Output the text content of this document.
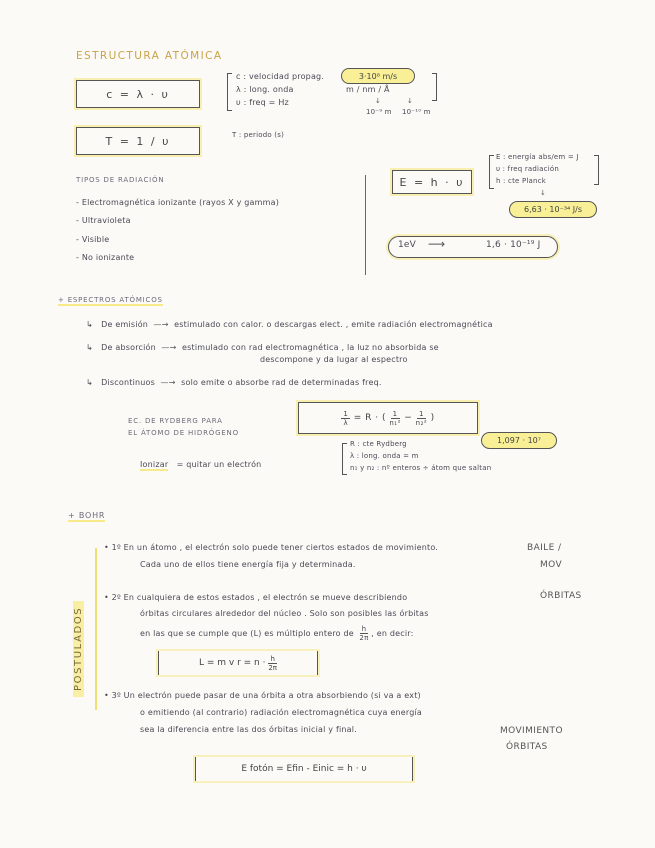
ESTRUCTURA ATÓMICA
c = λ · υ
T = 1 / υ
c : velocidad propag.
λ : long. onda
υ : freq = Hz
3·10⁸ m/s
m / nm / Å
↓	↓
10⁻⁹ m 10⁻¹⁰ m
T : periodo (s)
TIPOS DE RADIACIÓN
- Electromagnética ionizante (rayos X y gamma)
- Ultravioleta
- Visible
- No ionizante
E = h · υ
E : energía abs/em = J
υ : freq radiación
h : cte Planck
↓
6,63 · 10⁻³⁴ J/s
1eV ⟶	1,6 · 10⁻¹⁹ J
+ ESPECTROS ATÓMICOS
↳   De emisión  —→  estimulado con calor. o descargas elect. , emite radiación electromagnética
↳   De absorción  —→  estimulado con rad electromagnética , la luz no absorbida se
descompone y da lugar al espectro
↳   Discontinuos  —→  solo emite o absorbe rad de determinadas freq.
EC. DE RYDBERG PARA
EL ÁTOMO DE HIDRÓGENO
$\frac{1}{\lambda} = R$ · ( $\frac{1}{\text{n₁²}} - \frac{1}{\text{n₂²}}$ )
R : cte Rydberg
λ : long. onda = m
n₁ y n₂ : nº enteros ÷ átom que saltan
1,097 · 10⁷
Ionizar = quitar un electrón
+ BOHR
POSTULADOS
• 1º En un átomo , el electrón solo puede tener ciertos estados de movimiento.
Cada uno de ellos tiene energía fija y determinada.
BAILE /
MOV
• 2º En cualquiera de estos estados , el electrón se mueve describiendo
órbitas circulares alrededor del núcleo . Solo son posibles las órbitas
en las que se cumple que (L) es múltiplo entero de $\frac{h}{2\pi}$ , en decir:
ÓRBITAS
L = m v r = n ·
$\frac{h}{2\pi}$
• 3º Un electrón puede pasar de una órbita a otra absorbiendo (si va a ext)
o emitiendo (al contrario) radiación electromagnética cuya energía
sea la diferencia entre las dos órbitas inicial y final.	MOVIMIENTO
ÓRBITAS
E fotón = Efin - Einic = h · υ
